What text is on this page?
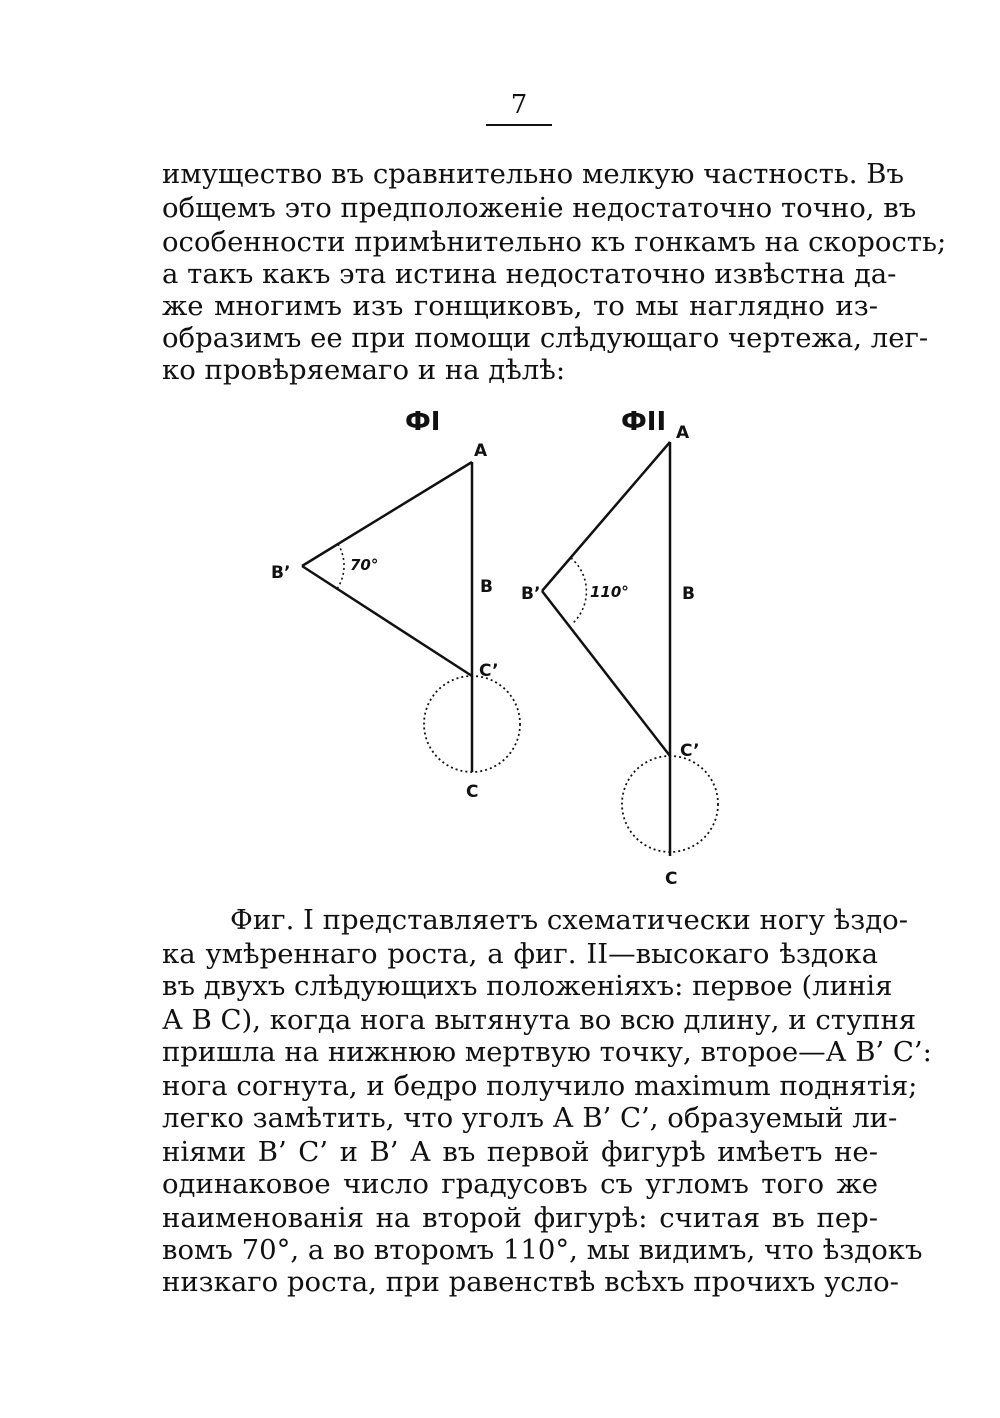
7
имущество въ сравнительно мелкую частность. Въ
общемъ это предположеніе недостаточно точно, въ
особенности примѣнительно къ гонкамъ на скорость;
а такъ какъ эта истина недостаточно извѣстна да-
же многимъ изъ гонщиковъ, то мы наглядно из-
образимъ ее при помощи слѣдующаго чертежа, лег-
ко провѣряемаго и на дѣлѣ:
ФI
A
B’
B
C’
C
70°
ФII A
B’	B
C’
C
110°
Фиг. I представляетъ схематически ногу ѣздо-
ка умѣреннаго роста, а фиг. II—высокаго ѣздока
въ двухъ слѣдующихъ положеніяхъ: первое (линія
А В С), когда нога вытянута во всю длину, и ступня
пришла на нижнюю мертвую точку, второе—А В’ С’:
нога согнута, и бедро получило maximum поднятія;
легко замѣтить, что уголъ А В’ С’, образуемый ли-
ніями В’ С’ и В’ А въ первой фигурѣ имѣетъ не-
одинаковое число градусовъ съ угломъ того же
наименованія на второй фигурѣ: считая въ пер-
вомъ 70°, а во второмъ 110°, мы видимъ, что ѣздокъ
низкаго роста, при равенствѣ всѣхъ прочихъ усло-
